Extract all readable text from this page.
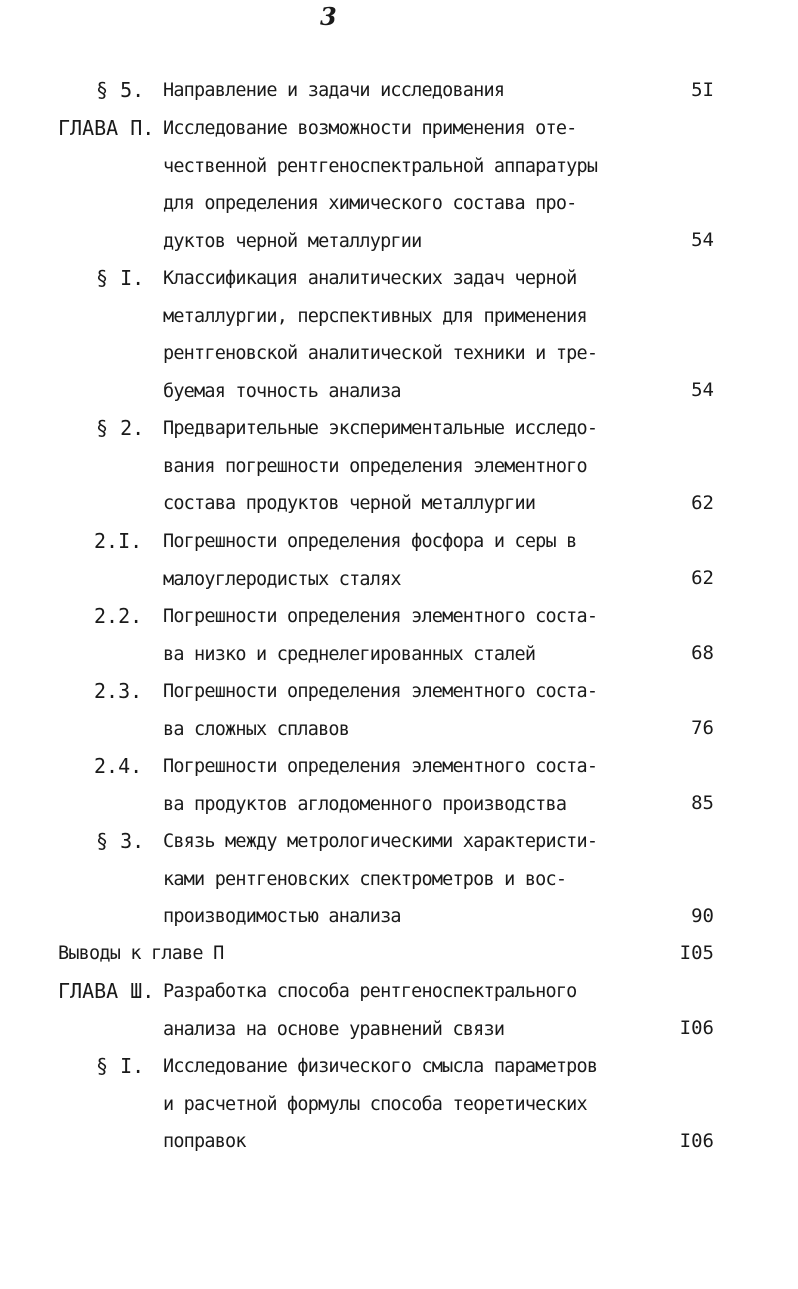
3
§ 5. Направление и задачи исследования	5I
ГЛАВА П. Исследование возможности применения оте-
чественной рентгеноспектральной аппаратуры
для определения химического состава про-
дуктов черной металлургии	54
§ I. Классификация аналитических задач черной
металлургии, перспективных для применения
рентгеновской аналитической техники и тре-
буемая точность анализа	54
§ 2. Предварительные экспериментальные исследо-
вания погрешности определения элементного
состава продуктов черной металлургии	62
2.I. Погрешности определения фосфора и серы в
малоуглеродистых сталях	62
2.2. Погрешности определения элементного соста-
ва низко и среднелегированных сталей	68
2.3. Погрешности определения элементного соста-
ва сложных сплавов	76
2.4. Погрешности определения элементного соста-
ва продуктов аглодоменного производства	85
§ 3. Связь между метрологическими характеристи-
ками рентгеновских спектрометров и вос-
производимостью анализа	90
Выводы к главе П	I05
ГЛАВА Ш. Разработка способа рентгеноспектрального
анализа на основе уравнений связи	I06
§ I. Исследование физического смысла параметров
и расчетной формулы способа теоретических
поправок	I06
